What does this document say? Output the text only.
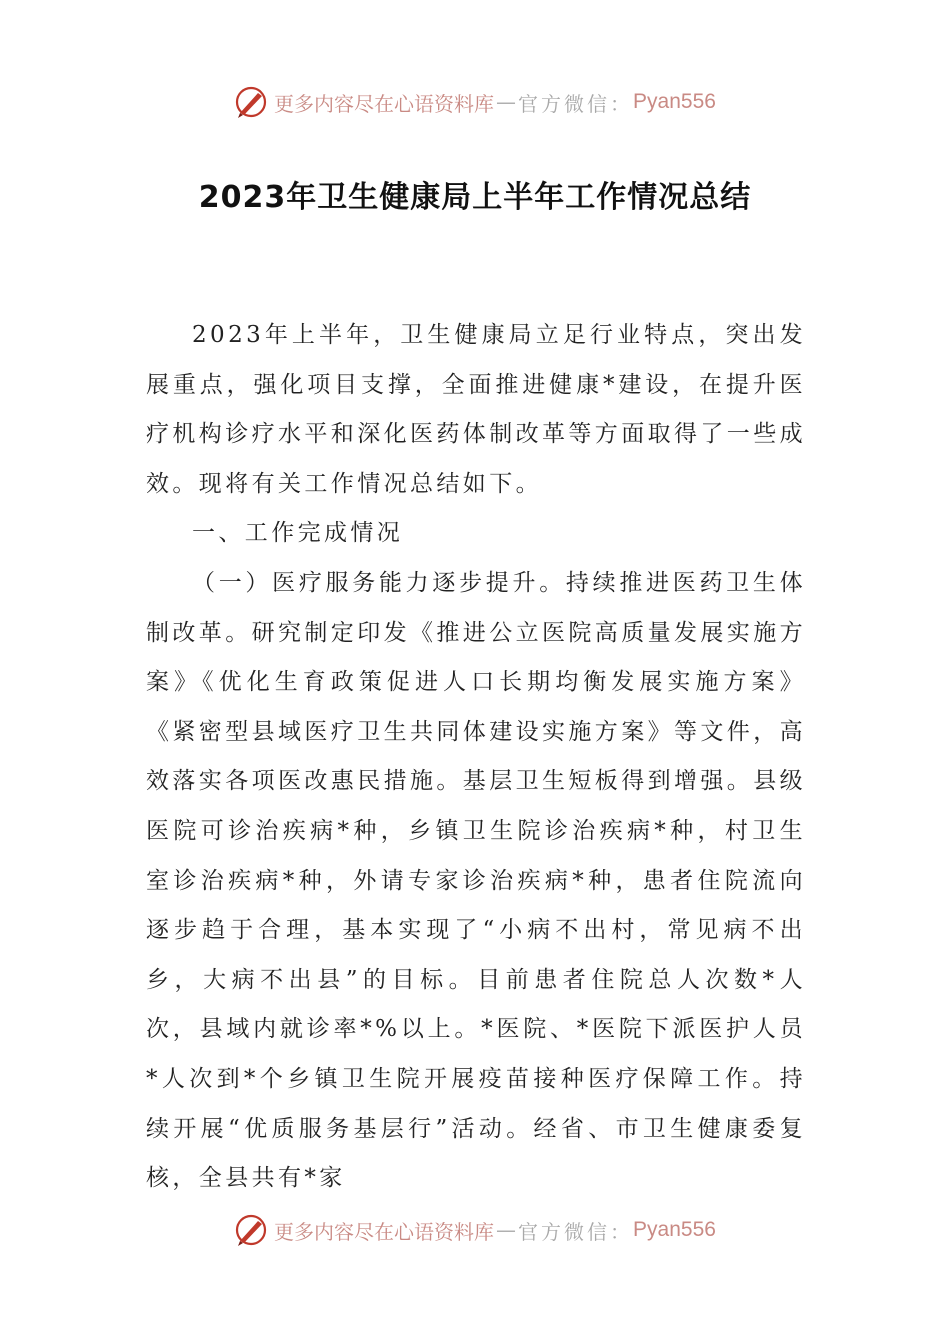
更多内容尽在心语资料库 — 官方微信： Pyan556
2023年卫生健康局上半年工作情况总结

2023年上半年，卫生健康局立足行业特点，突出发展重点，强化项目支撑，全面推进健康*建设，在提升医疗机构诊疗水平和深化医药体制改革等方面取得了一些成效。现将有关工作情况总结如下。

一、工作完成情况

（一）医疗服务能力逐步提升。持续推进医药卫生体制改革。研究制定印发《推进公立医院高质量发展实施方案》《优化生育政策促进人口长期均衡发展实施方案》《紧密型县域医疗卫生共同体建设实施方案》等文件，高效落实各项医改惠民措施。基层卫生短板得到增强。县级医院可诊治疾病*种，乡镇卫生院诊治疾病*种，村卫生室诊治疾病*种，外请专家诊治疾病*种，患者住院流向逐步趋于合理，基本实现了“小病不出村，常见病不出乡，大病不出县”的目标。目前患者住院总人次数*人次，县域内就诊率*%以上。*医院、*医院下派医护人员*人次到*个乡镇卫生院开展疫苗接种医疗保障工作。持续开展“优质服务基层行”活动。经省、市卫生健康委复核，全县共有*家

更多内容尽在心语资料库 — 官方微信： Pyan556
